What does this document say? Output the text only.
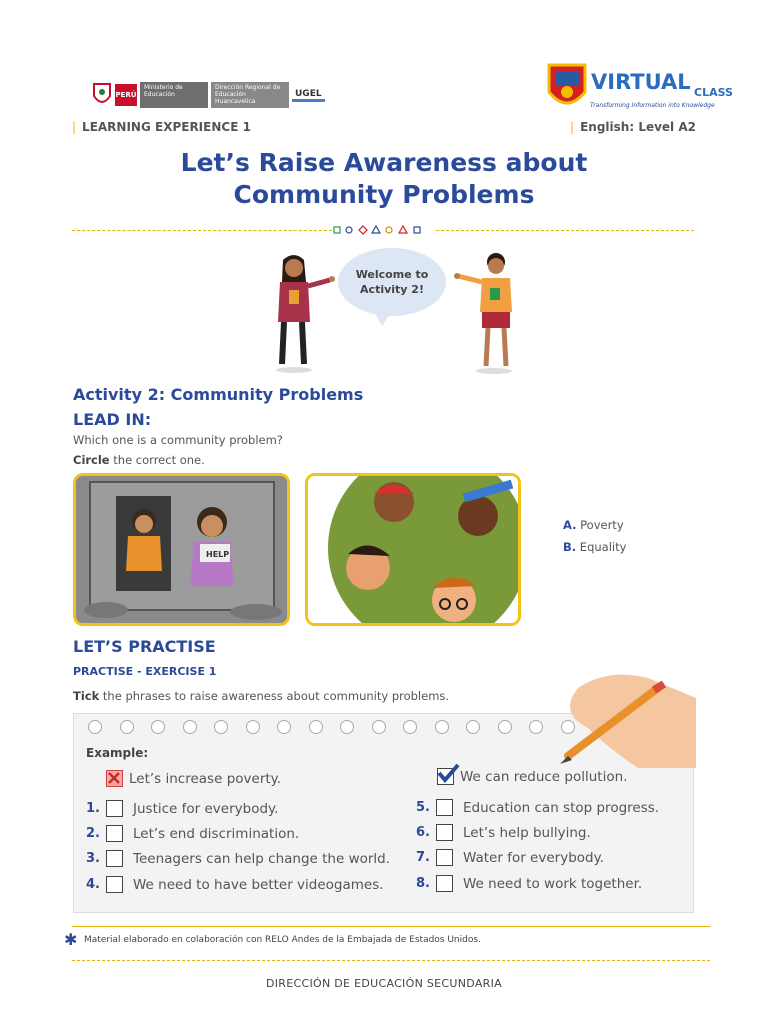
PERÚ
Ministerio de Educación
Dirección Regional de Educación Huancavelica
UGEL	VIRTUAL CLASS
Transforming Information into Knowledge
| LEARNING EXPERIENCE 1	| English: Level A2
Let’s Raise Awareness about
Community Problems
Welcome to Activity 2!
Activity 2: Community Problems
LEAD IN:
Which one is a community problem?
Circle the correct one.
HELP
A. Poverty
B. Equality
LET’S PRACTISE
PRACTISE - EXERCISE 1
Tick the phrases to raise awareness about community problems.
Example:
Let’s increase poverty.	We can reduce pollution.
1.	Justice for everybody.
2.	Let’s end discrimination.
3.	Teenagers can help change the world.
4.	We need to have better videogames.
5.	Education can stop progress.
6.	Let’s help bullying.
7.	Water for everybody.
8.	We need to work together.
✱ Material elaborado en colaboración con RELO Andes de la Embajada de Estados Unidos.
DIRECCIÓN DE EDUCACIÓN SECUNDARIA
